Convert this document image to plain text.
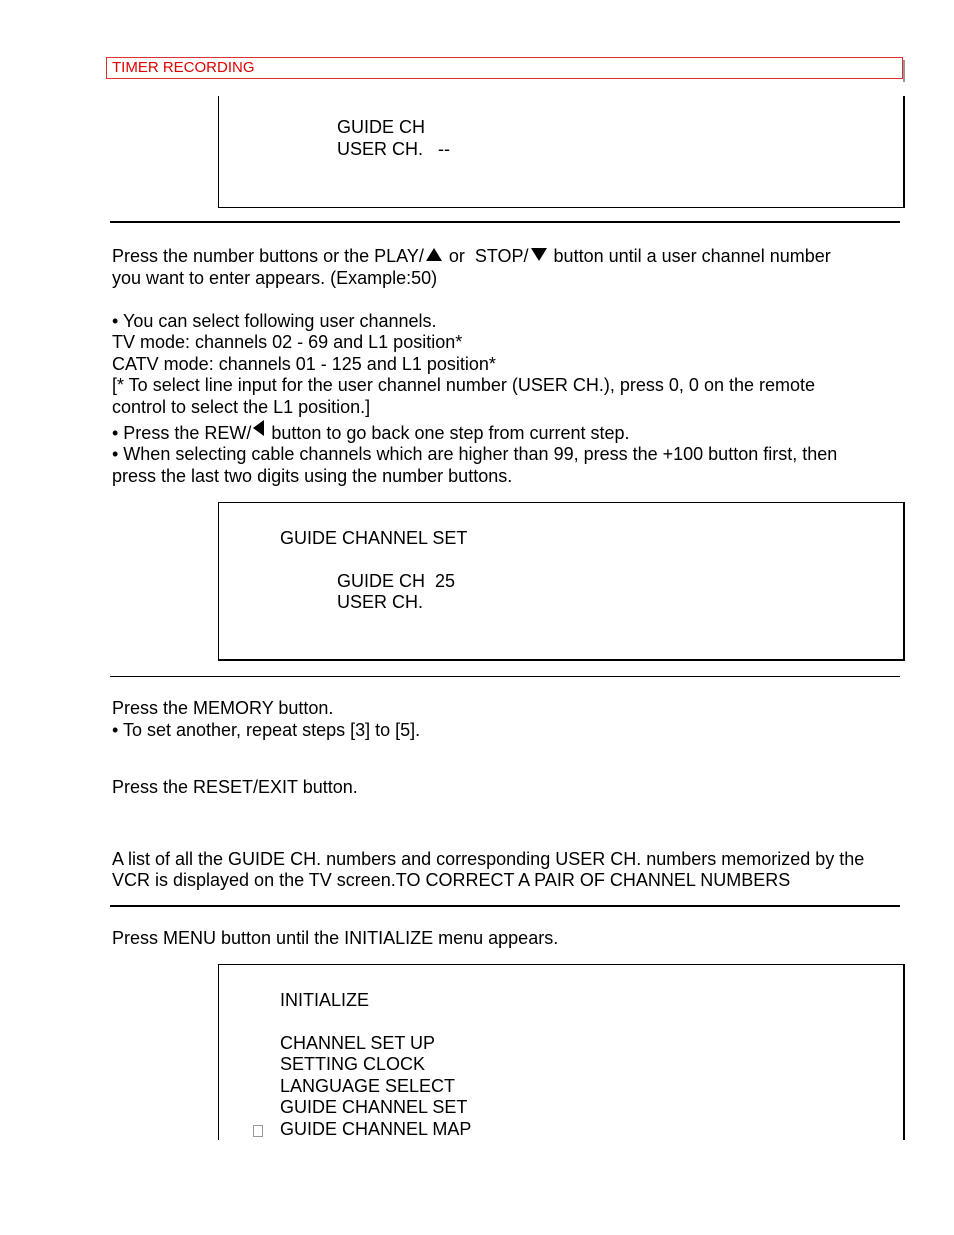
TIMER RECORDING
GUIDE CH
USER CH.   --
Press the number buttons or the PLAY/ or  STOP/ button until a user channel number
you want to enter appears. (Example:50)
• You can select following user channels.
TV mode: channels 02 - 69 and L1 position*
CATV mode: channels 01 - 125 and L1 position*
[* To select line input for the user channel number (USER CH.), press 0, 0 on the remote
control to select the L1 position.]
• Press the REW/ button to go back one step from current step.
• When selecting cable channels which are higher than 99, press the +100 button first, then
press the last two digits using the number buttons.
GUIDE CHANNEL SET
GUIDE CH  25
USER CH.
Press the MEMORY button.
• To set another, repeat steps [3] to [5].
Press the RESET/EXIT button.
A list of all the GUIDE CH. numbers and corresponding USER CH. numbers memorized by the
VCR is displayed on the TV screen.TO CORRECT A PAIR OF CHANNEL NUMBERS
Press MENU button until the INITIALIZE menu appears.
INITIALIZE
CHANNEL SET UP
SETTING CLOCK
LANGUAGE SELECT
GUIDE CHANNEL SET
GUIDE CHANNEL MAP
